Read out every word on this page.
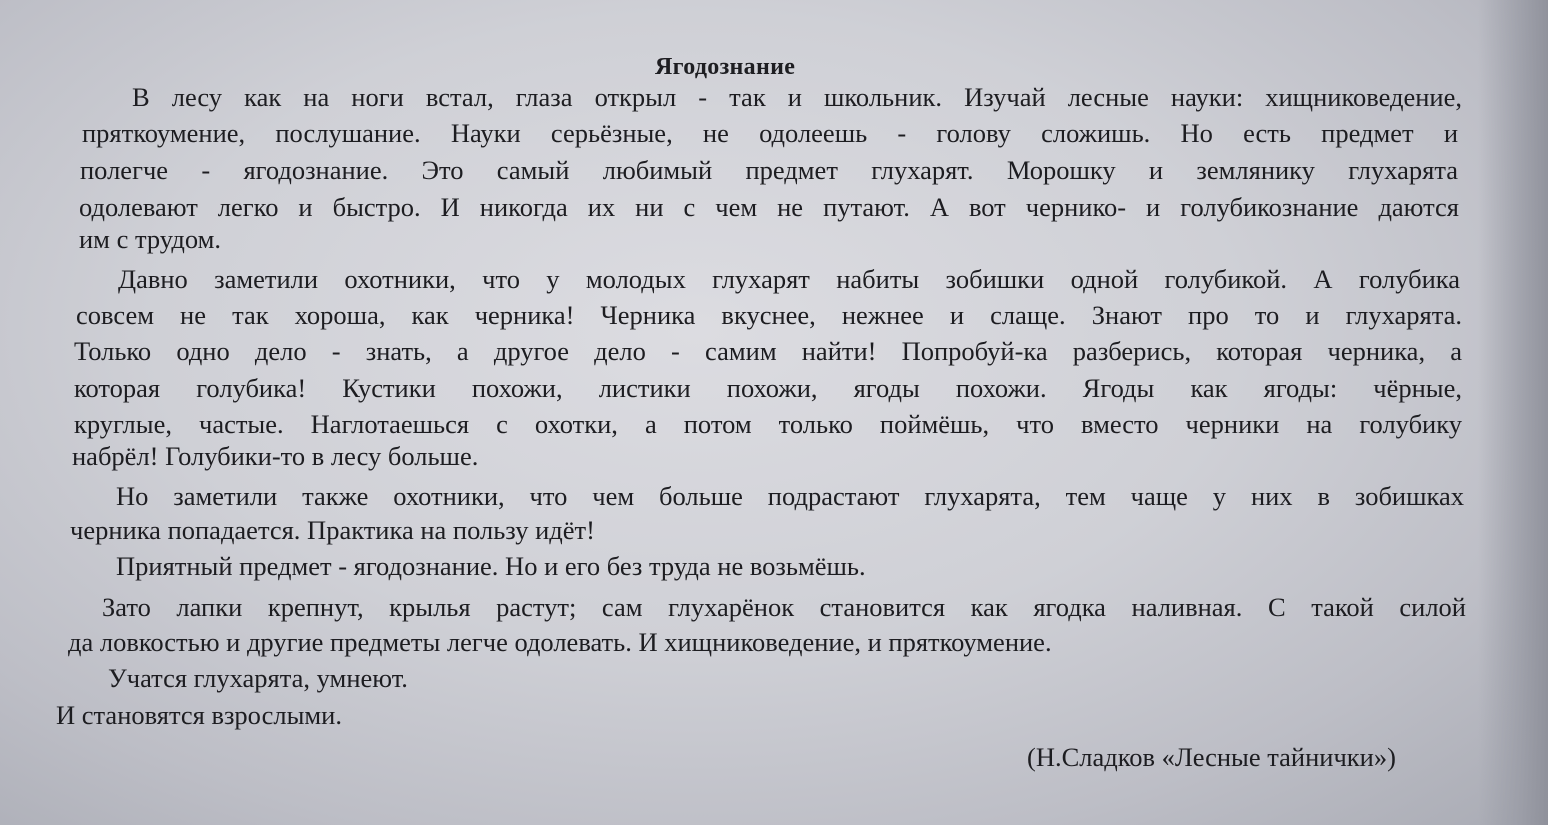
Ягодознание
В лесу как на ноги встал, глаза открыл - так и школьник. Изучай лесные науки: хищниковедение,
пряткоумение, послушание. Науки серьёзные, не одолеешь - голову сложишь. Но есть предмет и
полегче - ягодознание. Это самый любимый предмет глухарят. Морошку и землянику глухарята
одолевают легко и быстро. И никогда их ни с чем не путают. А вот чернико- и голубикознание даются
им с трудом.
Давно заметили охотники, что у молодых глухарят набиты зобишки одной голубикой. А голубика
совсем не так хороша, как черника! Черника вкуснее, нежнее и слаще. Знают про то и глухарята.
Только одно дело - знать, а другое дело - самим найти! Попробуй-ка разберись, которая черника, а
которая голубика! Кустики похожи, листики похожи, ягоды похожи. Ягоды как ягоды: чёрные,
круглые, частые. Наглотаешься с охотки, а потом только поймёшь, что вместо черники на голубику
набрёл! Голубики-то в лесу больше.
Но заметили также охотники, что чем больше подрастают глухарята, тем чаще у них в зобишках
черника попадается. Практика на пользу идёт!
Приятный предмет - ягодознание. Но и его без труда не возьмёшь.
Зато лапки крепнут, крылья растут; сам глухарёнок становится как ягодка наливная. С такой силой
да ловкостью и другие предметы легче одолевать. И хищниковедение, и пряткоумение.
Учатся глухарята, умнеют.
И становятся взрослыми.
(Н.Сладков «Лесные тайнички»)
